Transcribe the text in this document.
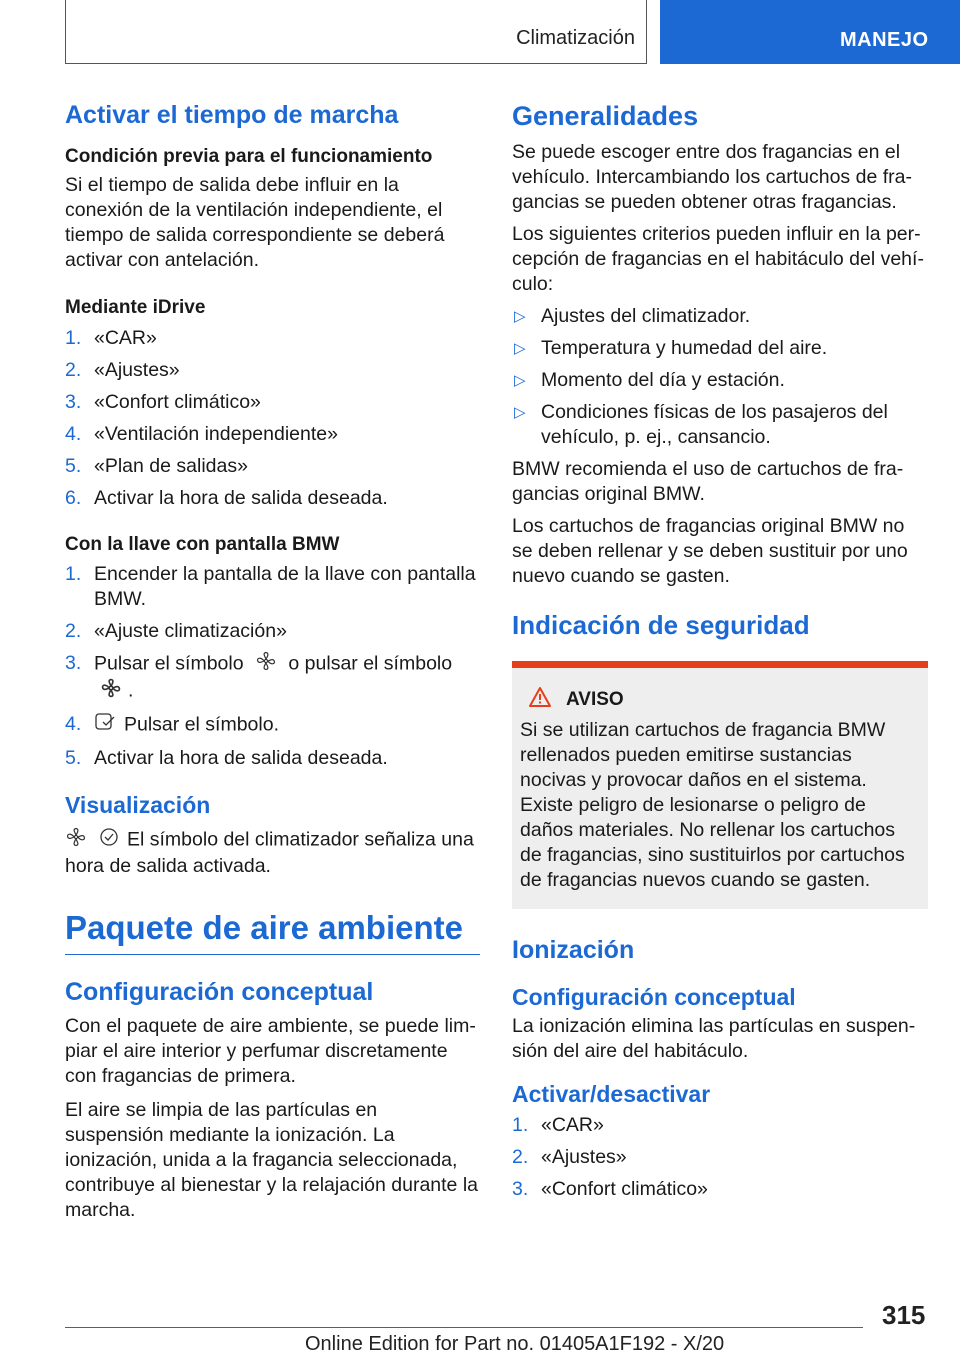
Climatización	MANEJO
Activar el tiempo de marcha
Condición previa para el funcionamiento

Si el tiempo de salida debe influir en la conexión de la ventilación independiente, el tiempo de salida correspondiente se deberá activar con antelación.

Mediante iDrive
1. «CAR»
2. «Ajustes»
3. «Confort climático»
4. «Ventilación independiente»
5. «Plan de salidas»
6. Activar la hora de salida deseada.
Con la llave con pantalla BMW
1. Encender la pantalla de la llave con pantalla BMW.
2. «Ajuste climatización»
3. Pulsar el símbolo o pulsar el símbolo .
4. Pulsar el símbolo.
5. Activar la hora de salida deseada.
Visualización

El símbolo del climatizador señaliza una hora de salida activada.

Paquete de aire ambiente
Configuración conceptual

Con el paquete de aire ambiente, se puede limpiar el aire interior y perfumar discretamente con fragancias de primera.

El aire se limpia de las partículas en suspensión mediante la ionización. La ionización, unida a la fragancia seleccionada, contribuye al bienestar y la relajación durante la marcha.

Generalidades

Se puede escoger entre dos fragancias en el vehículo. Intercambiando los cartuchos de fragancias se pueden obtener otras fragancias.

Los siguientes criterios pueden influir en la percepción de fragancias en el habitáculo del vehículo:

▷ Ajustes del climatizador.
▷ Temperatura y humedad del aire.
▷ Momento del día y estación.
▷ Condiciones físicas de los pasajeros del vehículo, p. ej., cansancio.

BMW recomienda el uso de cartuchos de fragancias original BMW.

Los cartuchos de fragancias original BMW no se deben rellenar y se deben sustituir por uno nuevo cuando se gasten.

Indicación de seguridad
AVISO

Si se utilizan cartuchos de fragancia BMW rellenados pueden emitirse sustancias nocivas y provocar daños en el sistema. Existe peligro de lesionarse o peligro de daños materiales. No rellenar los cartuchos de fragancias, sino sustituirlos por cartuchos de fragancias nuevos cuando se gasten.

Ionización
Configuración conceptual

La ionización elimina las partículas en suspensión del aire del habitáculo.

Activar/desactivar
1. «CAR»
2. «Ajustes»
3. «Confort climático»
315
Online Edition for Part no. 01405A1F192 - X/20
